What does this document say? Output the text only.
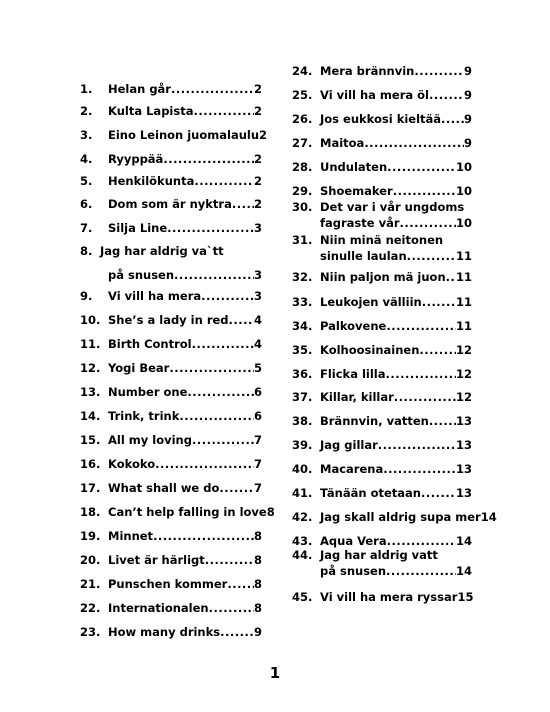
1. Helan går .....	2
2. Kulta Lapista .....	2
3. Eino Leinon juomalaulu 2
4. Ryyppää .....	2
5. Henkilökunta .....	2
6. Dom som är nyktra ..... 2
7. Silja Line .....	3
8. Jag har aldrig va`tt
på snusen .....	3
9. Vi vill ha mera .....	3
10. She’s a lady in red ..... 4
11. Birth Control .....	4
12. Yogi Bear .....	5
13. Number one .....	6
14. Trink, trink .....	6
15. All my loving .....	7
16. Kokoko .....	7
17. What shall we do .....	7
18. Can’t help falling in love 8
19. Minnet .....	8
20. Livet är härligt .....	8
21. Punschen kommer ..... 8
22. Internationalen .....	8
23. How many drinks .....	9
24. Mera brännvin .....	9
25. Vi vill ha mera öl .....	9
26. Jos eukkosi kieltää ..... 9
27. Maitoa .....	9
28. Undulaten .....	10
29. Shoemaker .....	10
30. Det var i vår ungdoms
fagraste vår .....	10
31. Niin minä neitonen
sinulle laulan .....	11
32. Niin paljon mä juon ..... 11
33. Leukojen välliin .....	11
34. Palkovene .....	11
35. Kolhoosinainen .....	12
36. Flicka lilla .....	12
37. Killar, killar .....	12
38. Brännvin, vatten ..... 13
39. Jag gillar .....	13
40. Macarena .....	13
41. Tänään otetaan .....	13
42. Jag skall aldrig supa mer 14
43. Aqua Vera .....	14
44. Jag har aldrig vatt
på snusen .....	14
45. Vi vill ha mera ryssar 15
1
